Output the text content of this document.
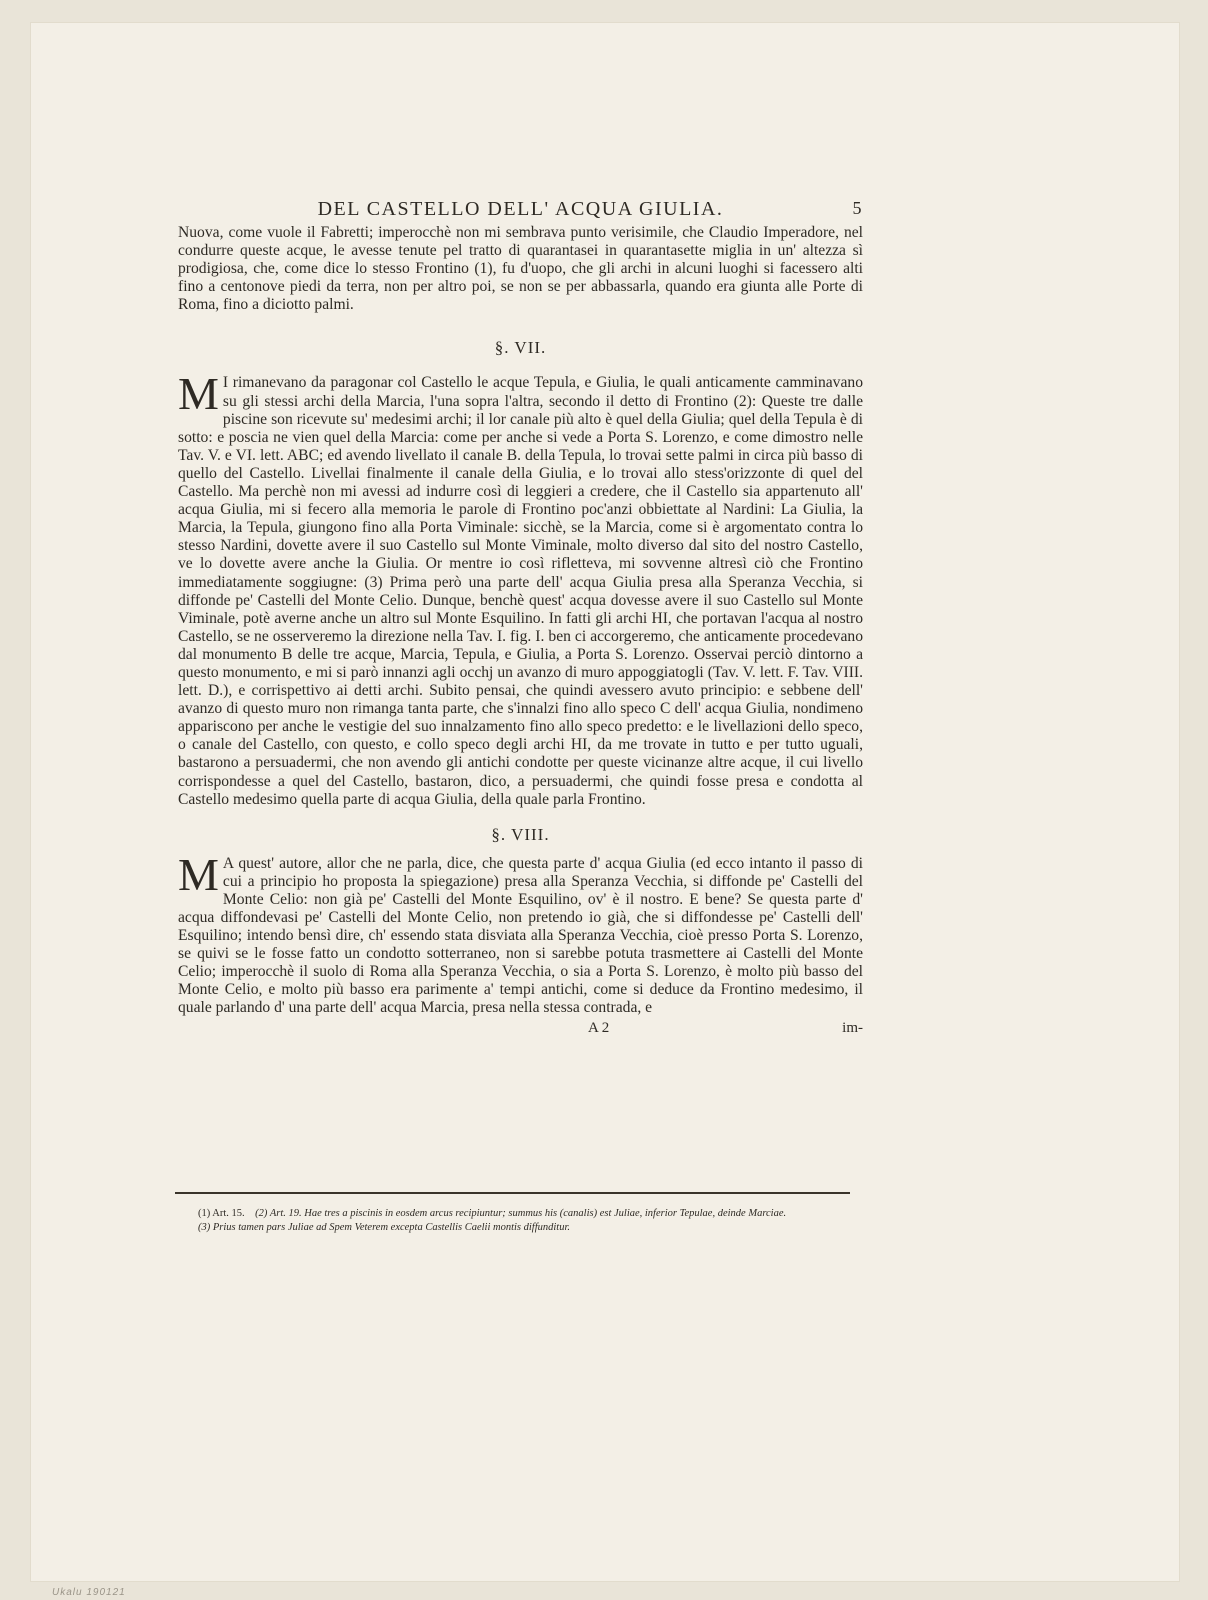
DEL CASTELLO DELL' ACQUA GIULIA.	5

Nuova, come vuole il Fabretti; imperocchè non mi sembrava punto verisimile, che Claudio Imperadore, nel condurre queste acque, le avesse tenute pel tratto di quarantasei in quarantasette miglia in un' altezza sì prodigiosa, che, come dice lo stesso Frontino (1), fu d'uopo, che gli archi in alcuni luoghi si facessero alti fino a centonove piedi da terra, non per altro poi, se non se per abbassarla, quando era giunta alle Porte di Roma, fino a diciotto palmi.

§. VII.

M I rimanevano da paragonar col Castello le acque Tepula, e Giulia, le quali anticamente camminavano su gli stessi archi della Marcia, l'una sopra l'altra, secondo il detto di Frontino (2): Queste tre dalle piscine son ricevute su' medesimi archi; il lor canale più alto è quel della Giulia; quel della Tepula è di sotto: e poscia ne vien quel della Marcia: come per anche si vede a Porta S. Lorenzo, e come dimostro nelle Tav. V. e VI. lett. ABC; ed avendo livellato il canale B. della Tepula, lo trovai sette palmi in circa più basso di quello del Castello. Livellai finalmente il canale della Giulia, e lo trovai allo stess'orizzonte di quel del Castello. Ma perchè non mi avessi ad indurre così di leggieri a credere, che il Castello sia appartenuto all' acqua Giulia, mi si fecero alla memoria le parole di Frontino poc'anzi obbiettate al Nardini: La Giulia, la Marcia, la Tepula, giungono fino alla Porta Viminale: sicchè, se la Marcia, come si è argomentato contra lo stesso Nardini, dovette avere il suo Castello sul Monte Viminale, molto diverso dal sito del nostro Castello, ve lo dovette avere anche la Giulia. Or mentre io così rifletteva, mi sovvenne altresì ciò che Frontino immediatamente soggiugne: (3) Prima però una parte dell' acqua Giulia presa alla Speranza Vecchia, si diffonde pe' Castelli del Monte Celio. Dunque, benchè quest' acqua dovesse avere il suo Castello sul Monte Viminale, potè averne anche un altro sul Monte Esquilino. In fatti gli archi HI, che portavan l'acqua al nostro Castello, se ne osserveremo la direzione nella Tav. I. fig. I. ben ci accorgeremo, che anticamente procedevano dal monumento B delle tre acque, Marcia, Tepula, e Giulia, a Porta S. Lorenzo. Osservai perciò dintorno a questo monumento, e mi si parò innanzi agli occhj un avanzo di muro appoggiatogli (Tav. V. lett. F. Tav. VIII. lett. D.), e corrispettivo ai detti archi. Subito pensai, che quindi avessero avuto principio: e sebbene dell' avanzo di questo muro non rimanga tanta parte, che s'innalzi fino allo speco C dell' acqua Giulia, nondimeno appariscono per anche le vestigie del suo innalzamento fino allo speco predetto: e le livellazioni dello speco, o canale del Castello, con questo, e collo speco degli archi HI, da me trovate in tutto e per tutto uguali, bastarono a persuadermi, che non avendo gli antichi condotte per queste vicinanze altre acque, il cui livello corrispondesse a quel del Castello, bastaron, dico, a persuadermi, che quindi fosse presa e condotta al Castello medesimo quella parte di acqua Giulia, della quale parla Frontino.

§. VIII.

M A quest' autore, allor che ne parla, dice, che questa parte d' acqua Giulia (ed ecco intanto il passo di cui a principio ho proposta la spiegazione) presa alla Speranza Vecchia, si diffonde pe' Castelli del Monte Celio: non già pe' Castelli del Monte Esquilino, ov' è il nostro. E bene? Se questa parte d' acqua diffondevasi pe' Castelli del Monte Celio, non pretendo io già, che si diffondesse pe' Castelli dell' Esquilino; intendo bensì dire, ch' essendo stata disviata alla Speranza Vecchia, cioè presso Porta S. Lorenzo, se quivi se le fosse fatto un condotto sotterraneo, non si sarebbe potuta trasmettere ai Castelli del Monte Celio; imperocchè il suolo di Roma alla Speranza Vecchia, o sia a Porta S. Lorenzo, è molto più basso del Monte Celio, e molto più basso era parimente a' tempi antichi, come si deduce da Frontino medesimo, il quale parlando d' una parte dell' acqua Marcia, presa nella stessa contrada, e

A 2	im-

(1) Art. 15. (2) Art. 19. Hae tres a piscinis in eosdem arcus recipiuntur; summus his (canalis) est Juliae, inferior Tepulae, deinde Marciae.

(3) Prius tamen pars Juliae ad Spem Veterem excepta Castellis Caelii montis diffunditur.

Ukalu 190121
